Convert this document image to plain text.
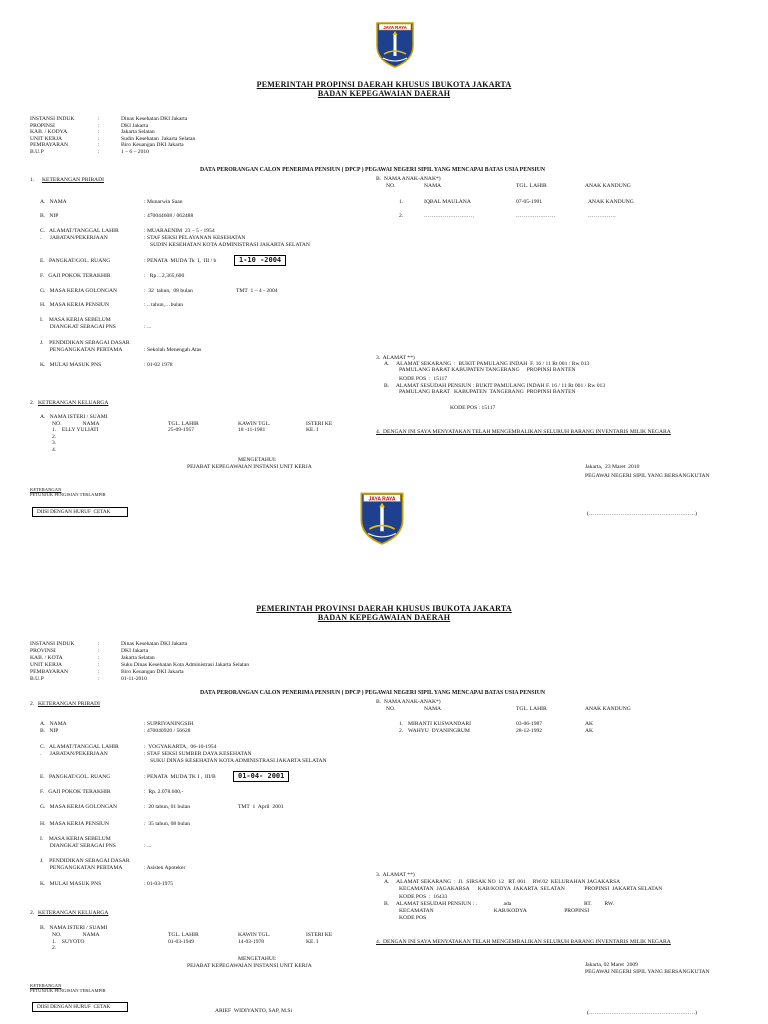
JAYA RAYA
PEMERINTAH PROPINSI DAERAH KHUSUS IBUKOTA JAKARTA
BADAN KEPEGAWAIAN DAERAH
INSTANSI INDUK	:	Dinas Kesehatan DKI Jakarta
PROPINSI	:	DKI Jakarta
KAB. / KODYA	:	Jakarta Selatan
UNIT KERJA	:	Sudin Kesehatan  Jakarta Selatan
PEMBAYARAN	:	Biro Keuangan DKI Jakarta
B.U.P	:	1 – 6 – 2010
DATA PERORANGAN CALON PENERIMA PENSIUN ( DPCP ) PEGAWAI NEGERI SIPIL YANG MENCAPAI BATAS USIA PENSIUN
1. KETERANGAN PRIBADI
A.   NAMA	: Munarwin Saan
B.   NIP	: 470044608 / 062488
C.   ALAMAT/TANGGAL LAHIR	: MUARAENIM  23 – 5 - 1954
.      JABATAN/PEKERJAAN	: STAF SEKSI PELAYANAN KESEHATAN
SUDIN KESEHATAN KOTA ADMINISTRASI JAKARTA SELATAN
E.   PANGKAT/GOL. RUANG	: PENATA  MUDA Tk  I,  III / b	1-10 -2004
F.   GAJI POKOK TERAKHIR	:   Rp…2,365,600
G.   MASA KERJA GOLONGAN	:  32  tahun,  08 bulan	TMT  1 – 4 - 2004
H.   MASA KERJA PENSIUN	: .. tahun,…bulan
I.    MASA KERJA SEBELUM
DIANGKAT SEBAGAI PNS	: ...
J.    PENDIDIKAN SEBAGAI DASAR
PENGANGKATAN PERTAMA	: Sekolah Menengah Atas
K.   MULAI MASUK PNS	: 01-02 1978
B.  NAMA ANAK-ANAK*)
NO.	NAMA	TGL. LAHIR	ANAK KANDUNG
1.	IQBAL MAULANA	07-05-1991	ANAK KANDUNG
2.	………………………	…………………	……………
3.  ALAMAT **)
A.     ALAMAT SEKARANG  :  BUKIT PAMULANG INDAH  F. 16 / 11 Rt 001 / Rw 013
PAMULANG BARAT KABUPATEN TANGERANG     PROPINSI BANTEN
KODE POS  :  15117
B.     ALAMAT SESUDAH PENSIUN : BUKIT PAMULANG INDAH F. 16 / 11 Rt 001 / Rw 013
PAMULANG BARAT   KABUPATEN  TANGERANG  PROPINSI BANTEN
KODE POS : 15117
2. KETERANGAN KELUARGA
A.   NAMA ISTERI / SUAMI
NO.               NAMA	TGL. LAHIR	KAWIN TGL.	ISTERI KE
1.    ELLY YULIATI	25-09-1957	18 -11-1981	KE. I
2.
3.
4.
4.  DENGAN INI SAYA MENYATAKAN TELAH MENGEMBALIKAN SELURUH BARANG INVENTARIS MILIK NEGARA
MENGETAHUI:
PEJABAT KEPEGAWAIAN INSTANSI UNIT KERJA	Jakarta,  23 Maret  2010
PEGAWAI NEGERI SIPIL YANG BERSANGKUTAN
KETERANGAN
PETUNJUK PENGISIAN TERLAMPIR
DIISI DENGAN HURUF  CETAK	(…………………………………………………)
JAYA RAYA
PEMERINTAH PROVINSI DAERAH KHUSUS IBUKOTA JAKARTA
BADAN KEPEGAWAIAN DAERAH
INSTANSI INDUK	:	Dinas Kesehatan DKI Jakarta
PROVINSI	:	DKI Jakarta
KAB. / KOTA	:	Jakarta Selatan
UNIT KERJA	:	Suku Dinas Kesehatan Kota Administrasi Jakarta Selatan
PEMBAYARAN	:	Biro Keuangan DKI Jakarta
B.U.P	:	01-11-2010
DATA PERORANGAN CALON PENERIMA PENSIUN ( DPCP ) PEGAWAI NEGERI SIPIL YANG MENCAPAI BATAS USIA PENSIUN
2. KETERANGAN PRIBADI
A.   NAMA	: SUPRIYANINGSIH
B.   NIP	: 470040920 / 56628
C.   ALAMAT/TANGGAL LAHIR	:  YOGYAKARTA,  06-10-1954
.      JABATAN/PEKERJAAN	: STAF SEKSI SUMBER DAYA KESEHATAN
SUKU DINAS KESEHATAN KOTA ADMINISTRASI JAKARTA SELATAN
E.   PANGKAT/GOL. RUANG	: PENATA  MUDA TK I ,  III/B	01-04- 2001
F.   GAJI POKOK TERAKHIR	:  Rp. 2.078.600,-
G.   MASA KERJA GOLONGAN	:  20 tahun, 01 bulan	TMT  1  April  2001
H.   MASA KERJA PENSIUN	:  35 tahun, 08 bulan
I.    MASA KERJA SEBELUM
DIANGKAT SEBAGAI PNS	: ...
J.    PENDIDIKAN SEBAGAI DASAR
PENGANGKATAN PERTAMA	: Asisten Apoteker
K.   MULAI MASUK PNS	: 01-03-1975
B.  NAMA ANAK-ANAK*)
NO.	NAMA	TGL. LAHIR	ANAK KANDUNG
1. MIRANTI KUSWANDARI	03-06-1987	AK
2. WAHYU  DYANINGRUM	28-12-1992	AK
3.  ALAMAT **)
A.     ALAMAT SEKARANG  :  Jl.  SIRSAK NO  12   RT. 001     RW.02  KELURAHAN JAGAKARSA
KECAMATAN  JAGAKARSA      KAB/KODYA  JAKARTA  SELATAN              PROPINSI  JAKARTA SELATAN
KODE POS  :  16433
B.     ALAMAT SESUDAH PENSIUN : .                   ada                                                    RT.         RW.
KECAMATAN                                           KAB/KODYA                           PROPINSI
KODE POS
2. KETERANGAN KELUARGA
B.   NAMA ISTERI / SUAMI
NO.               NAMA	TGL. LAHIR	KAWIN TGL.	ISTERI KE
1.    SUYOTO	01-03-1949	14-03-1978	KE. I
2.
4.  DENGAN INI SAYA MENYATAKAN TELAH MENGEMBALIKAN SELURUH BARANG INVENTARIS MILIK NEGARA
MENGETAHUI:
PEJABAT KEPEGAWAIAN INSTANSI UNIT KERJA	Jakarta, 02 Maret  2009
PEGAWAI NEGERI SIPIL YANG BERSANGKUTAN
KETERANGAN
PETUNJUK PENGISIAN TERLAMPIR
DIISI DENGAN HURUF  CETAK
ARIEF  WIDIYANTO, SAP, M.Si	(…………………………………………………)
